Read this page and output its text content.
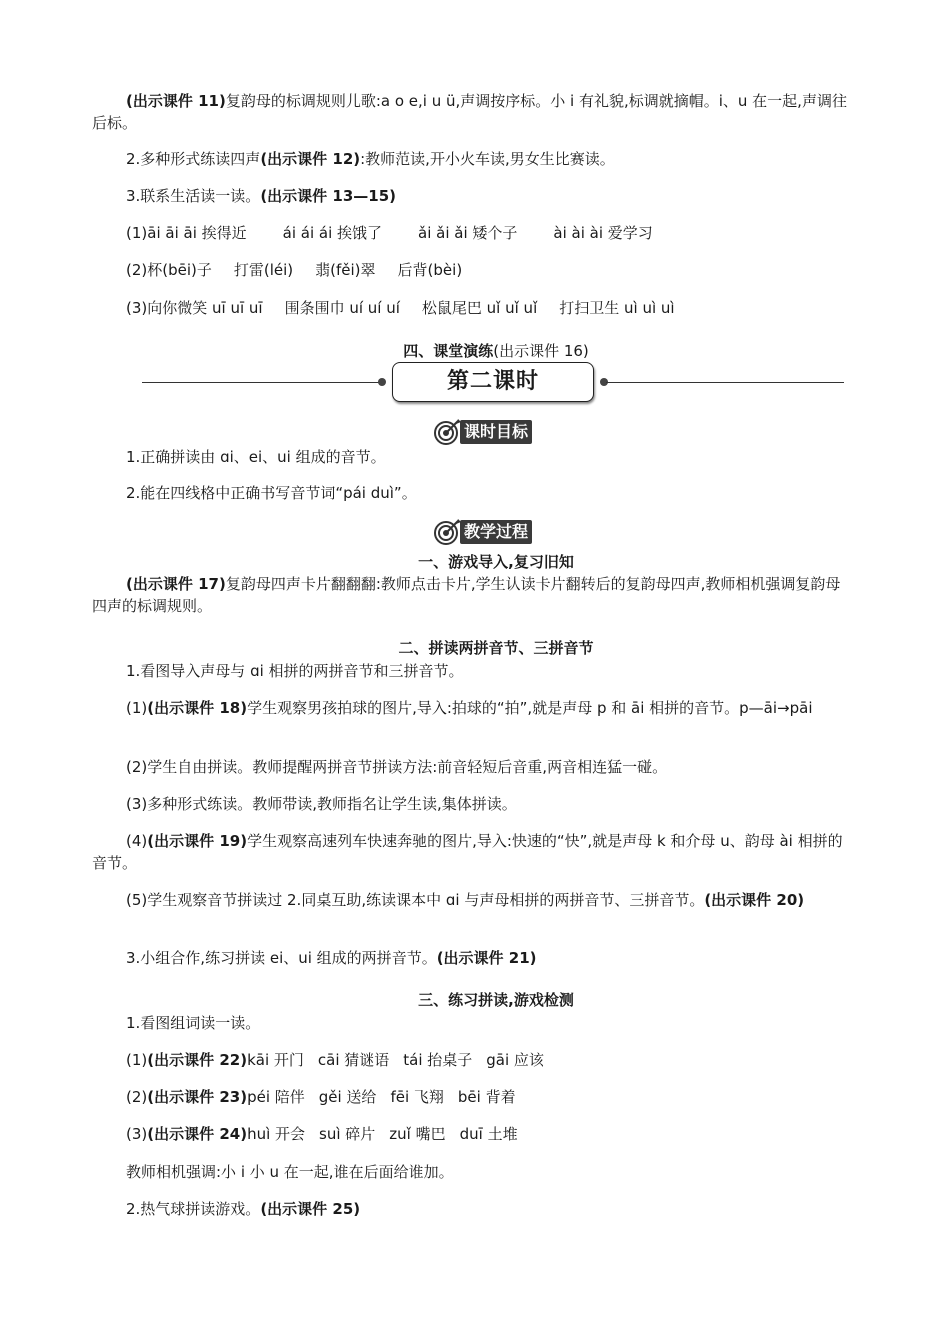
(出示课件 11)复韵母的标调规则儿歌:a o e,i u ü,声调按序标。小 i 有礼貌,标调就摘帽。i、u 在一起,声调往后标。

2.多种形式练读四声(出示课件 12):教师范读,开小火车读,男女生比赛读。

3.联系生活读一读。(出示课件 13—15)

(1)āi āi āi 挨得近 ái ái ái 挨饿了 ǎi ǎi ǎi 矮个子 ài ài ài 爱学习

(2)杯(bēi)子 打雷(léi) 翡(fěi)翠 后背(bèi)

(3)向你微笑 uī uī uī 围条围巾 uí uí uí 松鼠尾巴 uǐ uǐ uǐ 打扫卫生 uì uì uì

四、课堂演练(出示课件 16)

第二课时
课时目标

1.正确拼读由 ɑi、ei、ui 组成的音节。

2.能在四线格中正确书写音节词“pái duì”。

教学过程

一、游戏导入,复习旧知

(出示课件 17)复韵母四声卡片翻翻翻:教师点击卡片,学生认读卡片翻转后的复韵母四声,教师相机强调复韵母四声的标调规则。

二、拼读两拼音节、三拼音节

1.看图导入声母与 ɑi 相拼的两拼音节和三拼音节。

(1)(出示课件 18)学生观察男孩拍球的图片,导入:拍球的“拍”,就是声母 p 和 āi 相拼的音节。p—āi→pāi

(2)学生自由拼读。教师提醒两拼音节拼读方法:前音轻短后音重,两音相连猛一碰。

(3)多种形式练读。教师带读,教师指名让学生读,集体拼读。

(4)(出示课件 19)学生观察高速列车快速奔驰的图片,导入:快速的“快”,就是声母 k 和介母 u、韵母 ài 相拼的音节。

(5)学生观察音节拼读过 2.同桌互助,练读课本中 ɑi 与声母相拼的两拼音节、三拼音节。(出示课件 20)

3.小组合作,练习拼读 ei、ui 组成的两拼音节。(出示课件 21)

三、练习拼读,游戏检测

1.看图组词读一读。

(1)(出示课件 22)kāi 开门 cāi 猜谜语 tái 抬桌子 gāi 应该

(2)(出示课件 23)péi 陪伴 gěi 送给 fēi 飞翔 bēi 背着

(3)(出示课件 24)huì 开会 suì 碎片 zuǐ 嘴巴 duī 土堆

教师相机强调:小 i 小 u 在一起,谁在后面给谁加。

2.热气球拼读游戏。(出示课件 25)
